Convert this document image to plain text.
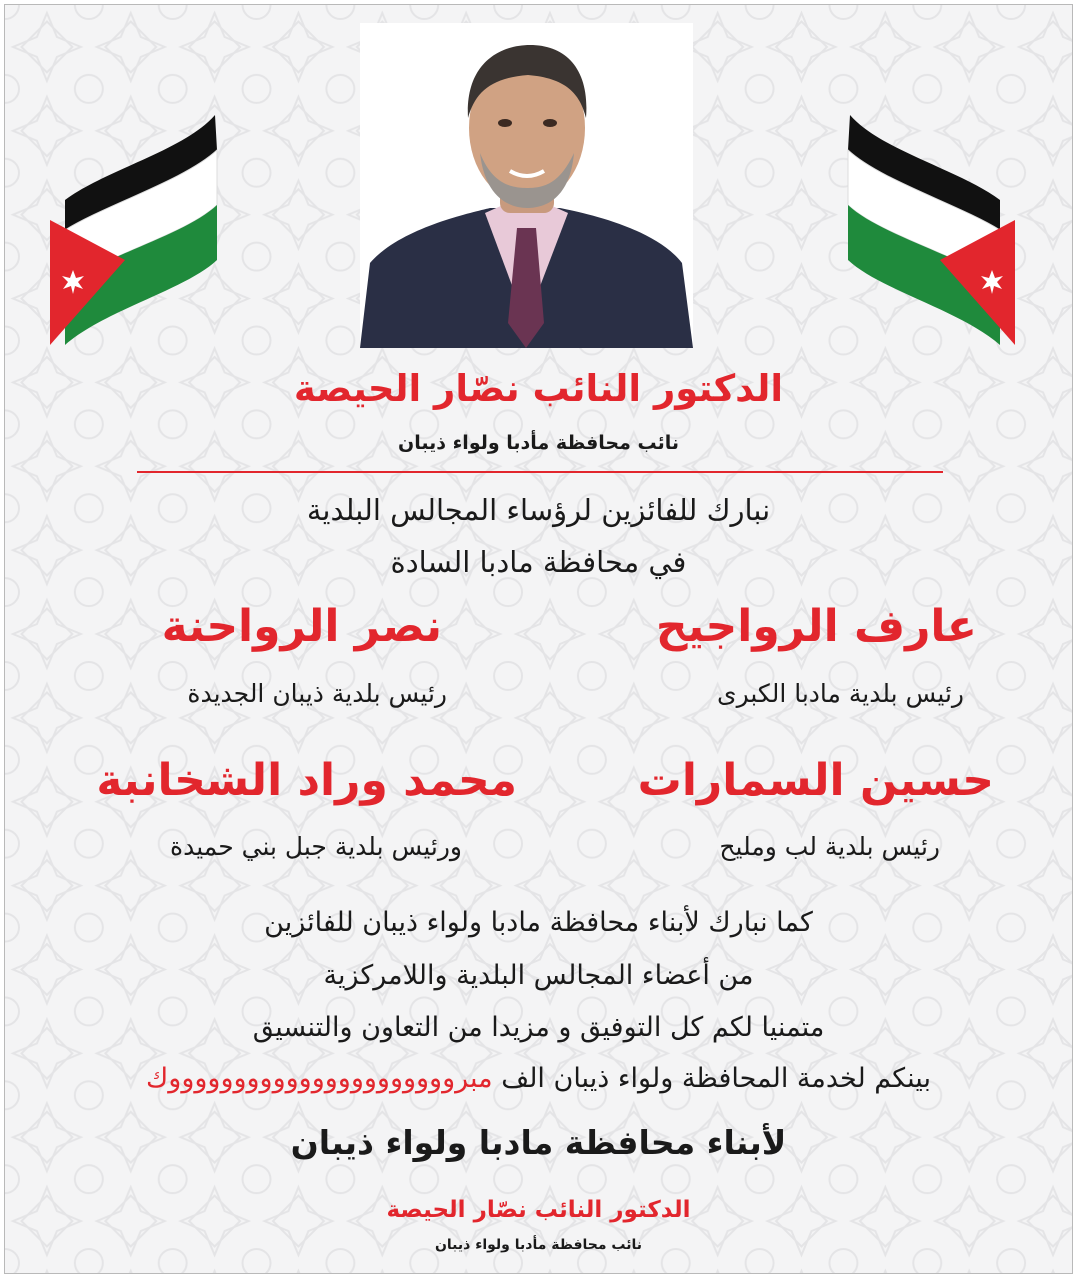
الدكتور النائب نصّار الحيصة
نائب محافظة مأدبا ولواء ذيبان
نبارك للفائزين لرؤساء المجالس البلدية
في محافظة مادبا السادة
عارف الرواجيح
رئيس بلدية مادبا الكبرى
نصر الرواحنة
رئيس بلدية ذيبان الجديدة
حسين السمارات
رئيس بلدية لب ومليح
محمد وراد الشخانبة
ورئيس بلدية جبل بني حميدة
كما نبارك لأبناء محافظة مادبا ولواء ذيبان للفائزين
من أعضاء المجالس البلدية واللامركزية
متمنيا لكم كل التوفيق و مزيدا من التعاون والتنسيق
بينكم لخدمة المحافظة ولواء ذيبان الف مبرووووووووووووووووووووووك
لأبناء محافظة مادبا ولواء ذيبان
الدكتور النائب نصّار الحيصة
نائب محافظة مأدبا ولواء ذيبان
